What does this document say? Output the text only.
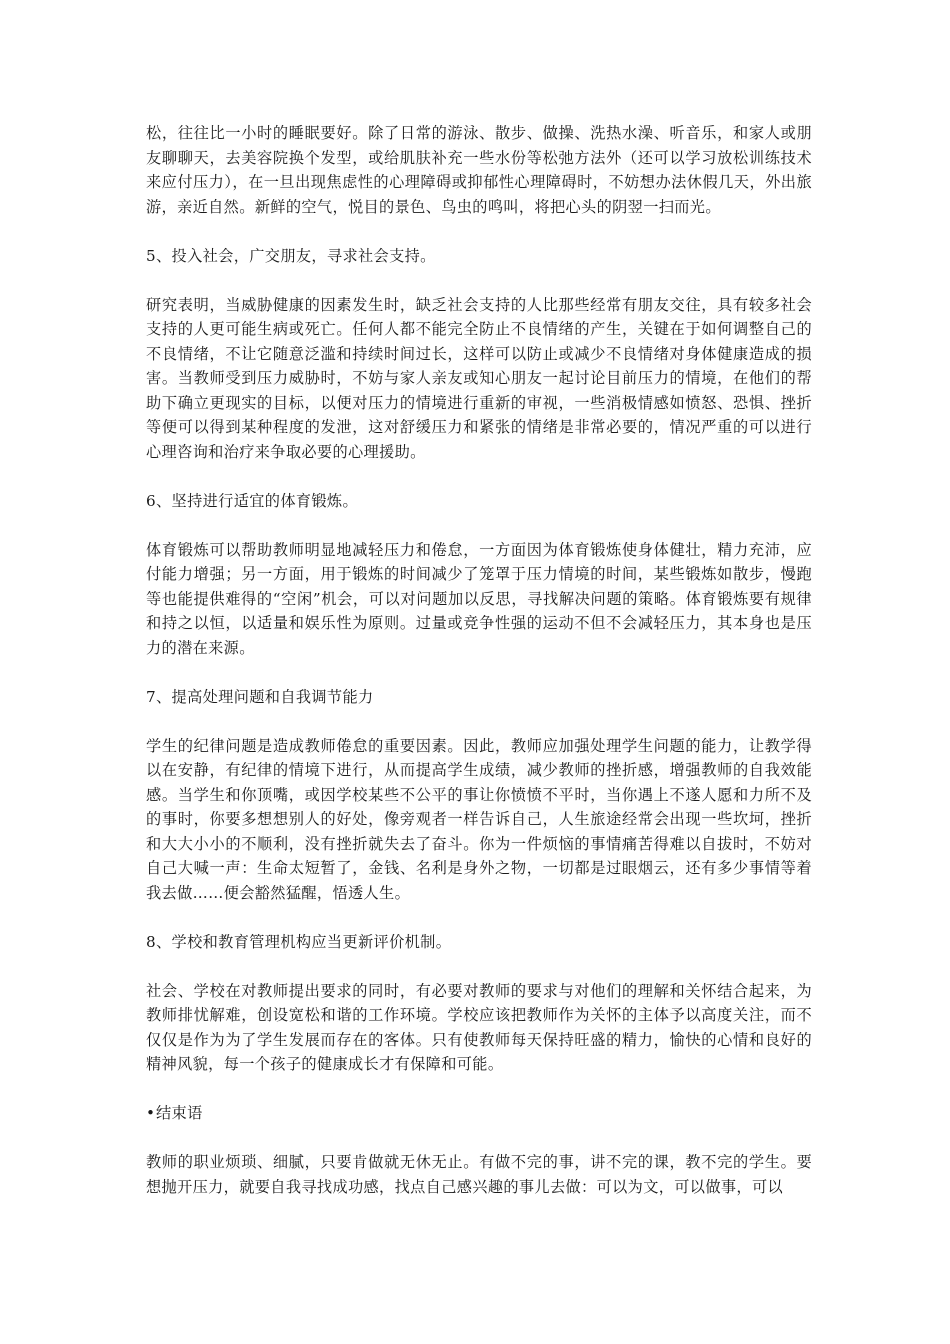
松，往往比一小时的睡眠要好。除了日常的游泳、散步、做操、洗热水澡、听音乐，和家人或朋友聊聊天，去美容院换个发型，或给肌肤补充一些水份等松弛方法外（还可以学习放松训练技术来应付压力），在一旦出现焦虑性的心理障碍或抑郁性心理障碍时，不妨想办法休假几天，外出旅游，亲近自然。新鲜的空气，悦目的景色、鸟虫的鸣叫，将把心头的阴翌一扫而光。

5、投入社会，广交朋友，寻求社会支持。

研究表明，当威胁健康的因素发生时，缺乏社会支持的人比那些经常有朋友交往，具有较多社会支持的人更可能生病或死亡。任何人都不能完全防止不良情绪的产生，关键在于如何调整自己的不良情绪，不让它随意泛滥和持续时间过长，这样可以防止或减少不良情绪对身体健康造成的损害。当教师受到压力威胁时，不妨与家人亲友或知心朋友一起讨论目前压力的情境，在他们的帮助下确立更现实的目标，以便对压力的情境进行重新的审视，一些消极情感如愤怒、恐惧、挫折等便可以得到某种程度的发泄，这对舒缓压力和紧张的情绪是非常必要的，情况严重的可以进行心理咨询和治疗来争取必要的心理援助。

6、坚持进行适宜的体育锻炼。

体育锻炼可以帮助教师明显地减轻压力和倦怠，一方面因为体育锻炼使身体健壮，精力充沛，应付能力增强；另一方面，用于锻炼的时间减少了笼罩于压力情境的时间，某些锻炼如散步，慢跑等也能提供难得的“空闲”机会，可以对问题加以反思，寻找解决问题的策略。体育锻炼要有规律和持之以恒，以适量和娱乐性为原则。过量或竞争性强的运动不但不会减轻压力，其本身也是压力的潜在来源。

7、提高处理问题和自我调节能力

学生的纪律问题是造成教师倦怠的重要因素。因此，教师应加强处理学生问题的能力，让教学得以在安静，有纪律的情境下进行，从而提高学生成绩，减少教师的挫折感，增强教师的自我效能感。当学生和你顶嘴，或因学校某些不公平的事让你愤愤不平时，当你遇上不遂人愿和力所不及的事时，你要多想想别人的好处，像旁观者一样告诉自己，人生旅途经常会出现一些坎坷，挫折和大大小小的不顺利，没有挫折就失去了奋斗。你为一件烦恼的事情痛苦得难以自拔时，不妨对自己大喊一声：生命太短暂了，金钱、名利是身外之物，一切都是过眼烟云，还有多少事情等着我去做……便会豁然猛醒，悟透人生。

8、学校和教育管理机构应当更新评价机制。

社会、学校在对教师提出要求的同时，有必要对教师的要求与对他们的理解和关怀结合起来，为教师排忧解难，创设宽松和谐的工作环境。学校应该把教师作为关怀的主体予以高度关注，而不仅仅是作为为了学生发展而存在的客体。只有使教师每天保持旺盛的精力，愉快的心情和良好的精神风貌，每一个孩子的健康成长才有保障和可能。

•结束语

教师的职业烦琐、细腻，只要肯做就无休无止。有做不完的事，讲不完的课，教不完的学生。要想抛开压力，就要自我寻找成功感，找点自己感兴趣的事儿去做：可以为文，可以做事，可以
